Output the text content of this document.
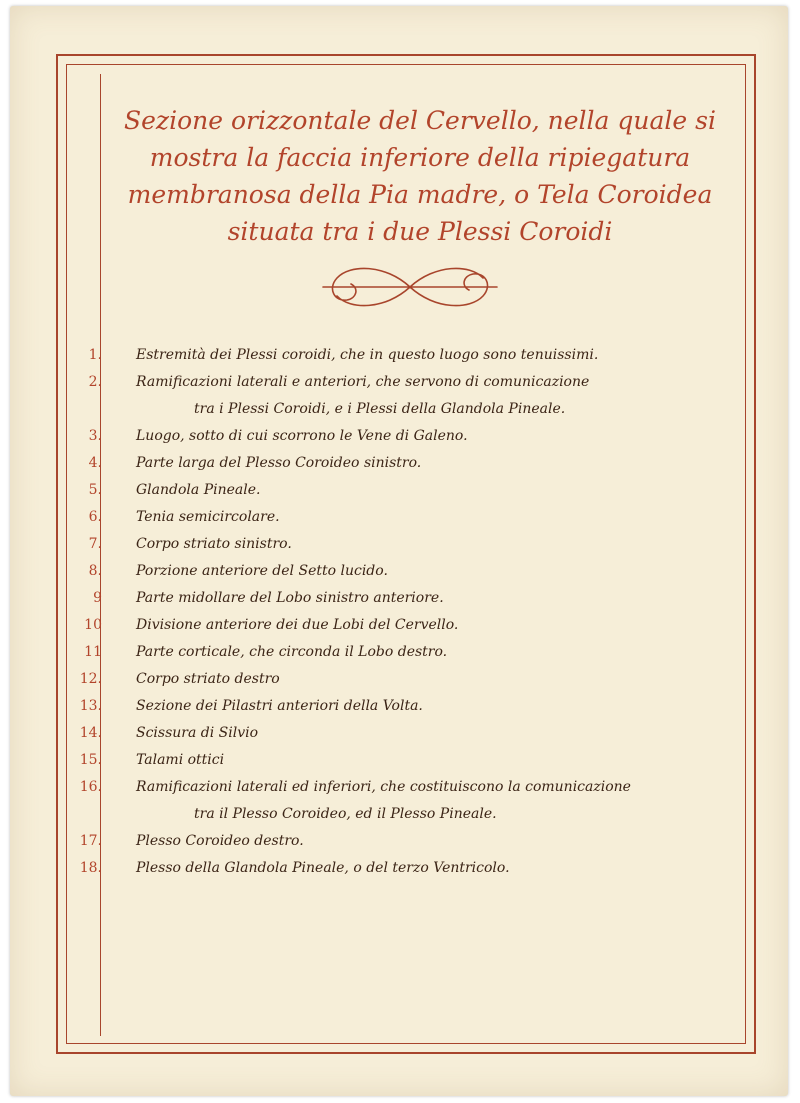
Sezione orizzontale del Cervello, nella quale si mostra la faccia inferiore della ripiegatura membranosa della Pia madre, o Tela Coroidea situata tra i due Plessi Coroidi
1. Estremità dei Plessi coroidi, che in questo luogo sono tenuissimi.
2. Ramificazioni laterali e anteriori, che servono di comunicazione
tra i Plessi Coroidi, e i Plessi della Glandola Pineale.
3. Luogo, sotto di cui scorrono le Vene di Galeno.
4. Parte larga del Plesso Coroideo sinistro.
5. Glandola Pineale.
6. Tenia semicircolare.
7. Corpo striato sinistro.
8. Porzione anteriore del Setto lucido.
9 Parte midollare del Lobo sinistro anteriore.
10 Divisione anteriore dei due Lobi del Cervello.
11 Parte corticale, che circonda il Lobo destro.
12. Corpo striato destro
13. Sezione dei Pilastri anteriori della Volta.
14. Scissura di Silvio
15. Talami ottici
16. Ramificazioni laterali ed inferiori, che costituiscono la comunicazione
tra il Plesso Coroideo, ed il Plesso Pineale.
17. Plesso Coroideo destro.
18. Plesso della Glandola Pineale, o del terzo Ventricolo.
